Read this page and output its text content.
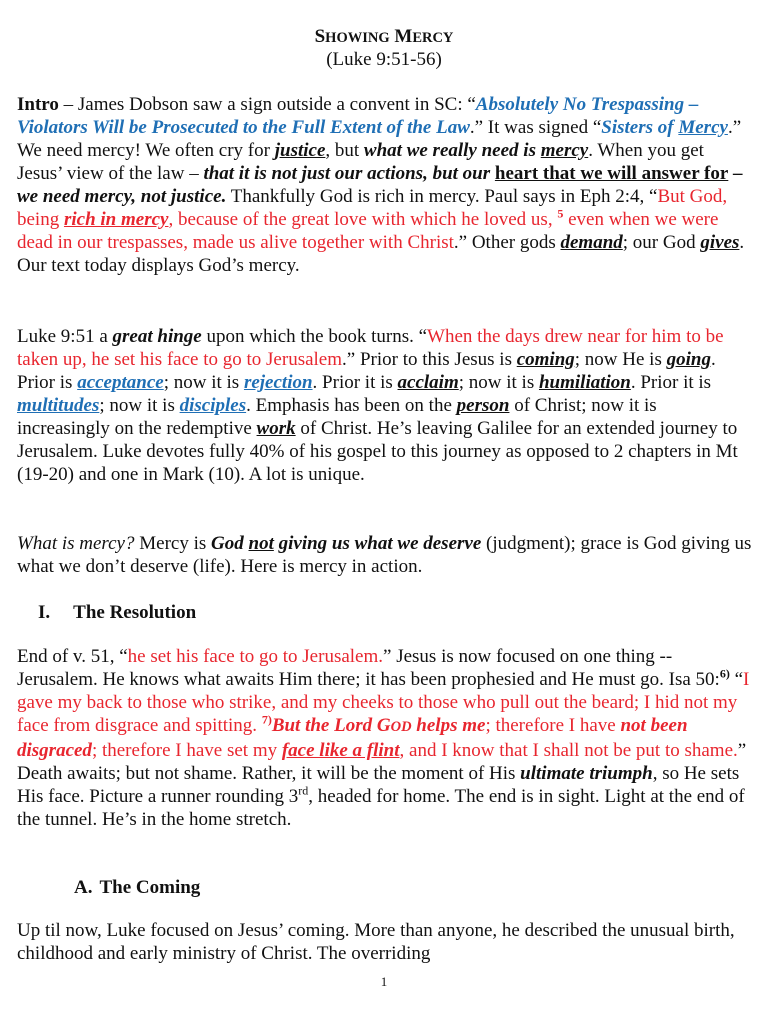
SHOWING MERCY
(Luke 9:51-56)

Intro – James Dobson saw a sign outside a convent in SC: “Absolutely No Trespassing – Violators Will be Prosecuted to the Full Extent of the Law.” It was signed “Sisters of Mercy.” We need mercy! We often cry for justice, but what we really need is mercy. When you get Jesus’ view of the law – that it is not just our actions, but our heart that we will answer for – we need mercy, not justice. Thankfully God is rich in mercy. Paul says in Eph 2:4, “But God, being rich in mercy, because of the great love with which he loved us, $^5$ even when we were dead in our trespasses, made us alive together with Christ.” Other gods demand; our God gives. Our text today displays God’s mercy.

Luke 9:51 a great hinge upon which the book turns. “When the days drew near for him to be taken up, he set his face to go to Jerusalem.” Prior to this Jesus is coming; now He is going. Prior is acceptance; now it is rejection. Prior it is acclaim; now it is humiliation. Prior it is multitudes; now it is disciples. Emphasis has been on the person of Christ; now it is increasingly on the redemptive work of Christ. He’s leaving Galilee for an extended journey to Jerusalem. Luke devotes fully 40% of his gospel to this journey as opposed to 2 chapters in Mt (19-20) and one in Mark (10). A lot is unique.

What is mercy? Mercy is God not giving us what we deserve (judgment); grace is God giving us what we don’t deserve (life). Here is mercy in action.

I. The Resolution

End of v. 51, “he set his face to go to Jerusalem.” Jesus is now focused on one thing -- Jerusalem. He knows what awaits Him there; it has been prophesied and He must go. Isa 50:$^{6)}$ “I gave my back to those who strike, and my cheeks to those who pull out the beard; I hid not my face from disgrace and spitting. $^{7)}$But the Lord GOD helps me; therefore I have not been disgraced; therefore I have set my face like a flint, and I know that I shall not be put to shame.” Death awaits; but not shame. Rather, it will be the moment of His ultimate triumph, so He sets His face. Picture a runner rounding 3rd, headed for home. The end is in sight. Light at the end of the tunnel. He’s in the home stretch.

A. The Coming

Up til now, Luke focused on Jesus’ coming. More than anyone, he described the unusual birth, childhood and early ministry of Christ. The overriding

1
